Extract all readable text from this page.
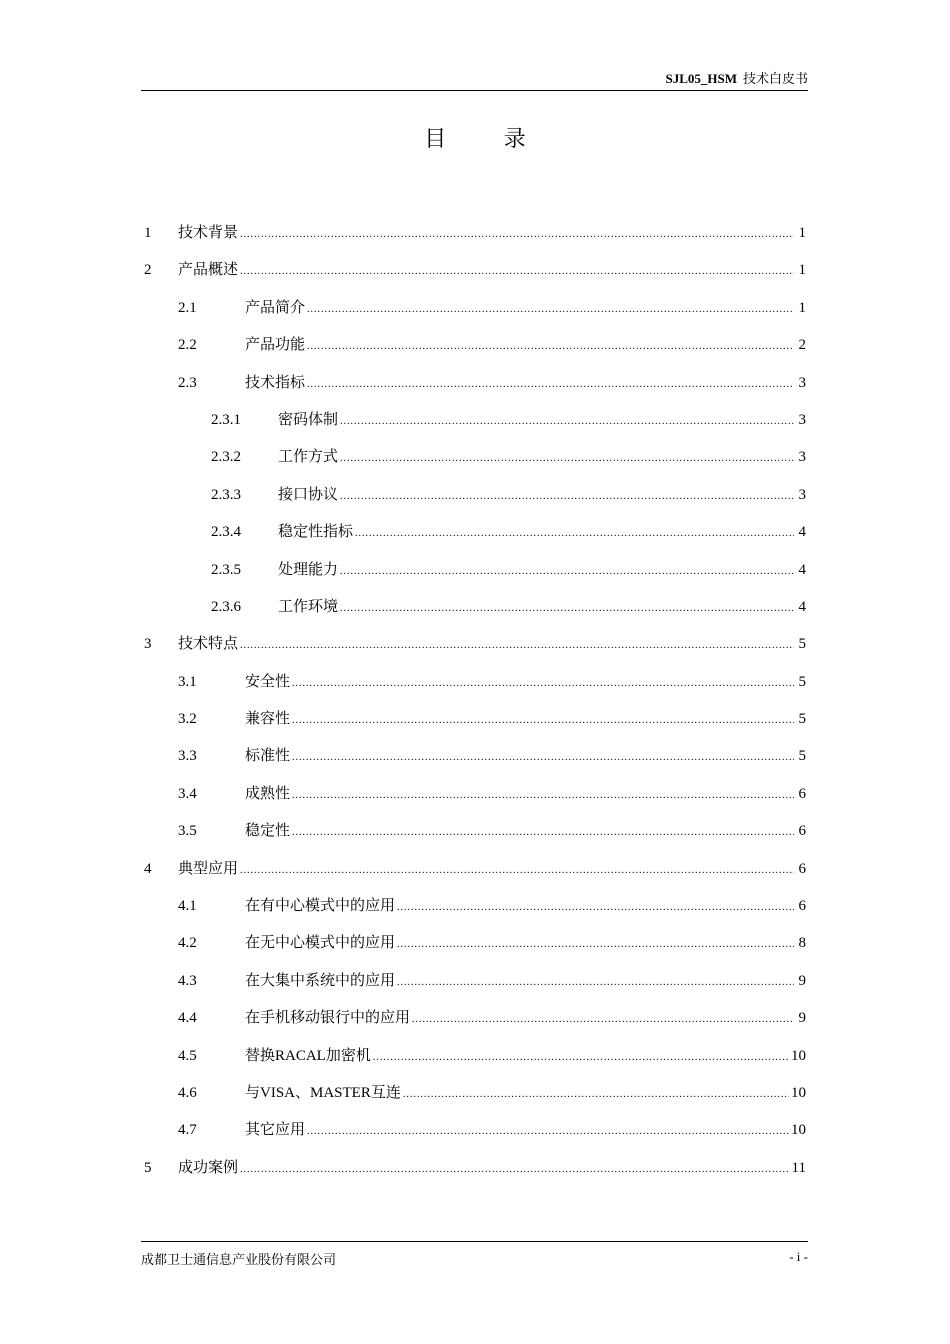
SJL05_HSM 技术白皮书
目 录
1	技术背景 .....	1
2	产品概述 .....	1
2.1	产品简介 .....	1
2.2	产品功能 .....	2
2.3	技术指标 .....	3
2.3.1	密码体制 .....	3
2.3.2	工作方式 .....	3
2.3.3	接口协议 .....	3
2.3.4	稳定性指标 .....	4
2.3.5	处理能力 .....	4
2.3.6	工作环境 .....	4
3	技术特点 .....	5
3.1	安全性 .....	5
3.2	兼容性 .....	5
3.3	标准性 .....	5
3.4	成熟性 .....	6
3.5	稳定性 .....	6
4	典型应用 .....	6
4.1	在有中心模式中的应用 .....	6
4.2	在无中心模式中的应用 .....	8
4.3	在大集中系统中的应用 .....	9
4.4	在手机移动银行中的应用 .....	9
4.5	替换RACAL加密机 .....	10
4.6	与VISA、MASTER互连 .....	10
4.7	其它应用 .....	10
5	成功案例 .....	11
成都卫士通信息产业股份有限公司	- i -
